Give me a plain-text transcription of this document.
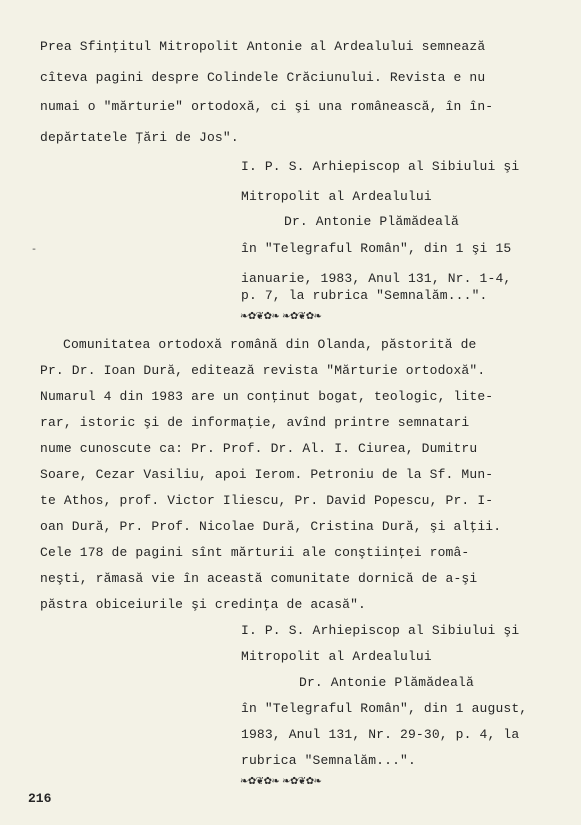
Prea Sfinţitul Mitropolit Antonie al Ardealului semnează
cîteva pagini despre Colindele Crăciunului. Revista e nu
numai o "mărturie" ortodoxă, ci şi una românească, în în-
depărtatele Ţări de Jos".
I. P. S. Arhiepiscop al Sibiului şi
Mitropolit al Ardealului
Dr. Antonie Plămădeală
în "Telegraful Român", din 1 şi 15
ianuarie, 1983, Anul 131, Nr. 1-4,
p. 7, la rubrica "Semnalăm...".
-
❧✿❦✿❧ ❧✿❦✿❧
Comunitatea ortodoxă română din Olanda, păstorită de
Pr. Dr. Ioan Dură, editează revista "Mărturie ortodoxă".
Numarul 4 din 1983 are un conţinut bogat, teologic, lite-
rar, istoric şi de informaţie, avînd printre semnatari
nume cunoscute ca: Pr. Prof. Dr. Al. I. Ciurea, Dumitru
Soare, Cezar Vasiliu, apoi Ierom. Petroniu de la Sf. Mun-
te Athos, prof. Victor Iliescu, Pr. David Popescu, Pr. I-
oan Dură, Pr. Prof. Nicolae Dură, Cristina Dură, şi alţii.
Cele 178 de pagini sînt mărturii ale conştiinţei româ-
neşti, rămasă vie în această comunitate dornică de a-şi
păstra obiceiurile şi credinţa de acasă".
I. P. S. Arhiepiscop al Sibiului şi
Mitropolit al Ardealului
Dr. Antonie Plămădeală
în "Telegraful Român", din 1 august,
1983, Anul 131, Nr. 29-30, p. 4, la
rubrica "Semnalăm...".
❧✿❦✿❧ ❧✿❦✿❧
216
